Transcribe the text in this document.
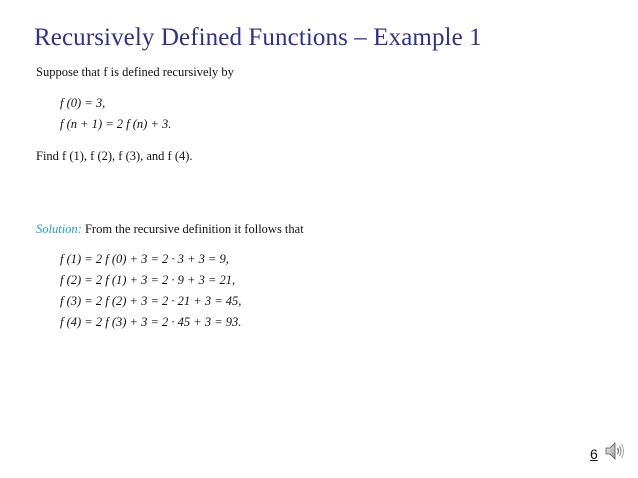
Recursively Defined Functions – Example 1
Suppose that f is defined recursively by
f (0) = 3,
f (n + 1) = 2 f (n) + 3.
Find f (1), f (2), f (3), and f (4).
Solution: From the recursive definition it follows that
f (1) = 2 f (0) + 3 = 2 · 3 + 3 = 9,
f (2) = 2 f (1) + 3 = 2 · 9 + 3 = 21,
f (3) = 2 f (2) + 3 = 2 · 21 + 3 = 45,
f (4) = 2 f (3) + 3 = 2 · 45 + 3 = 93.
6
